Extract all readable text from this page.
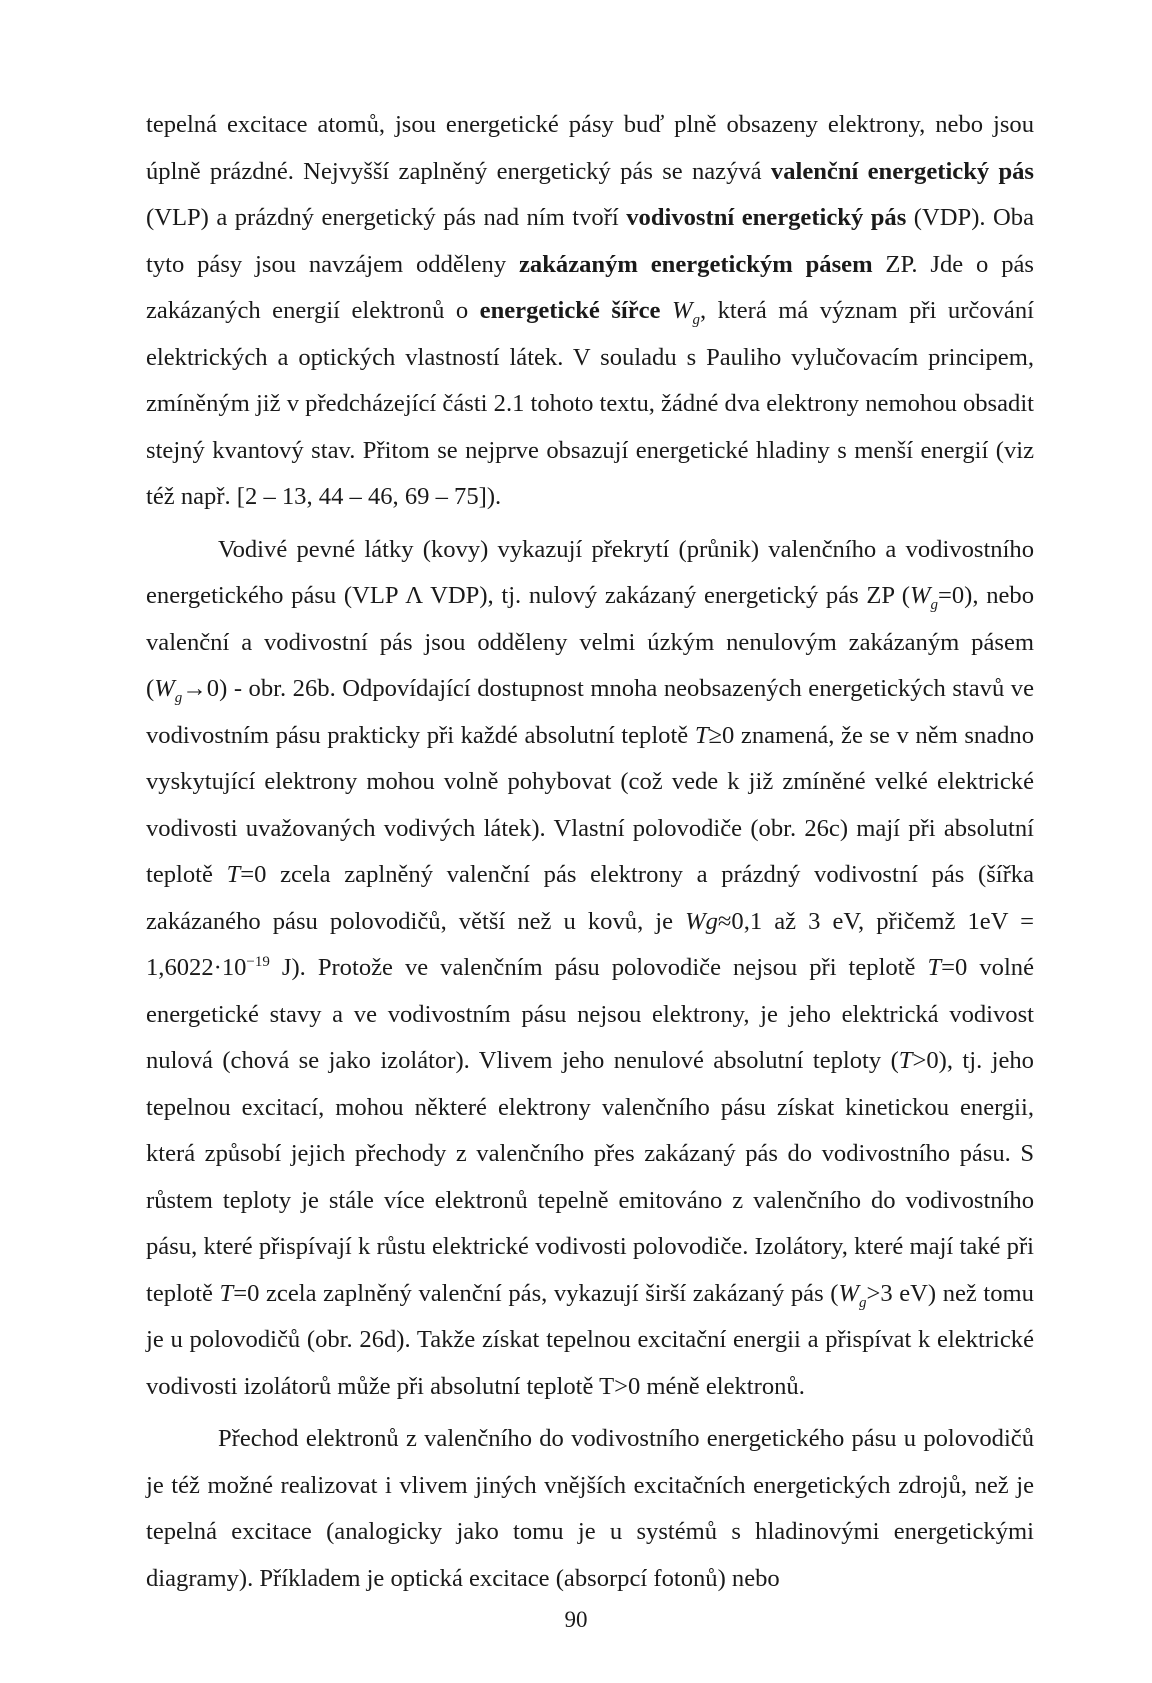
tepelná excitace atomů, jsou energetické pásy buď plně obsazeny elektrony, nebo jsou úplně prázdné. Nejvyšší zaplněný energetický pás se nazývá valenční energetický pás (VLP) a prázdný energetický pás nad ním tvoří vodivostní energetický pás (VDP). Oba tyto pásy jsou navzájem odděleny zakázaným energetickým pásem ZP. Jde o pás zakázaných energií elektronů o energetické šířce $W_g$, která má význam při určování elektrických a optických vlastností látek. V souladu s Pauliho vylučovacím principem, zmíněným již v předcházející části 2.1 tohoto textu, žádné dva elektrony nemohou obsadit stejný kvantový stav. Přitom se nejprve obsazují energetické hladiny s menší energií (viz též např. [2 – 13, 44 – 46, 69 – 75]).

Vodivé pevné látky (kovy) vykazují překrytí (průnik) valenčního a vodivostního energetického pásu (VLP Λ VDP), tj. nulový zakázaný energetický pás ZP $(W_g=0)$, nebo valenční a vodivostní pás jsou odděleny velmi úzkým nenulovým zakázaným pásem $(W_g\to 0)$ - obr. 26b. Odpovídající dostupnost mnoha neobsazených energetických stavů ve vodivostním pásu prakticky při každé absolutní teplotě T≥0 znamená, že se v něm snadno vyskytující elektrony mohou volně pohybovat (což vede k již zmíněné velké elektrické vodivosti uvažovaných vodivých látek). Vlastní polovodiče (obr. 26c) mají při absolutní teplotě T=0 zcela zaplněný valenční pás elektrony a prázdný vodivostní pás (šířka zakázaného pásu polovodičů, větší než u kovů, je Wg≈0,1 až 3 eV, přičemž $1eV = 1,6022\cdot 10^{-19}$ J). Protože ve valenčním pásu polovodiče nejsou při teplotě T=0 volné energetické stavy a ve vodivostním pásu nejsou elektrony, je jeho elektrická vodivost nulová (chová se jako izolátor). Vlivem jeho nenulové absolutní teploty (T>0), tj. jeho tepelnou excitací, mohou některé elektrony valenčního pásu získat kinetickou energii, která způsobí jejich přechody z valenčního přes zakázaný pás do vodivostního pásu. S růstem teploty je stále více elektronů tepelně emitováno z valenčního do vodivostního pásu, které přispívají k růstu elektrické vodivosti polovodiče. Izolátory, které mají také při teplotě T=0 zcela zaplněný valenční pás, vykazují širší zakázaný pás ($W_g>3$ eV) než tomu je u polovodičů (obr. 26d). Takže získat tepelnou excitační energii a přispívat k elektrické vodivosti izolátorů může při absolutní teplotě T>0 méně elektronů.

Přechod elektronů z valenčního do vodivostního energetického pásu u polovodičů je též možné realizovat i vlivem jiných vnějších excitačních energetických zdrojů, než je tepelná excitace (analogicky jako tomu je u systémů s hladinovými energetickými diagramy). Příkladem je optická excitace (absorpcí fotonů) nebo

90
